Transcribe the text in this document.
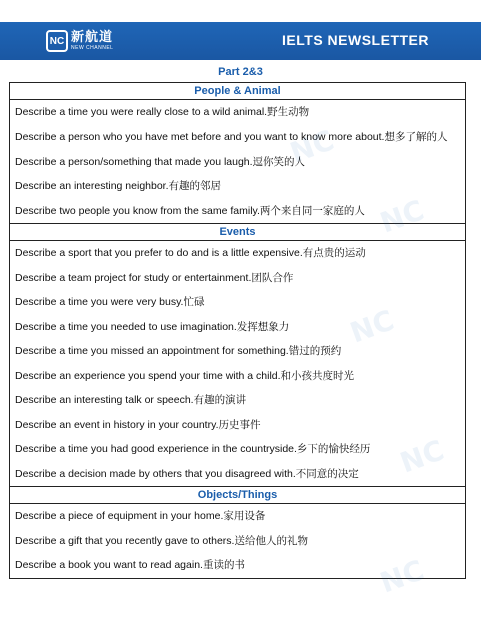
NC 新航道
NEW CHANNEL	IELTS NEWSLETTER
Part 2&3
People & Animal

Describe a time you were really close to a wild animal.野生动物
Describe a person who you have met before and you want to know more about.想多了解的人
Describe a person/something that made you laugh.逗你笑的人
Describe an interesting neighbor.有趣的邻居
Describe two people you know from the same family.两个来自同一家庭的人

Events

Describe a sport that you prefer to do and is a little expensive.有点贵的运动
Describe a team project for study or entertainment.团队合作
Describe a time you were very busy.忙碌
Describe a time you needed to use imagination.发挥想象力
Describe a time you missed an appointment for something.错过的预约
Describe an experience you spend your time with a child.和小孩共度时光
Describe an interesting talk or speech.有趣的演讲
Describe an event in history in your country.历史事件
Describe a time you had good experience in the countryside.乡下的愉快经历
Describe a decision made by others that you disagreed with.不同意的决定

Objects/Things

Describe a piece of equipment in your home.家用设备
Describe a gift that you recently gave to others.送给他人的礼物
Describe a book you want to read again.重读的书
NC
NC
NC
NC
NC
